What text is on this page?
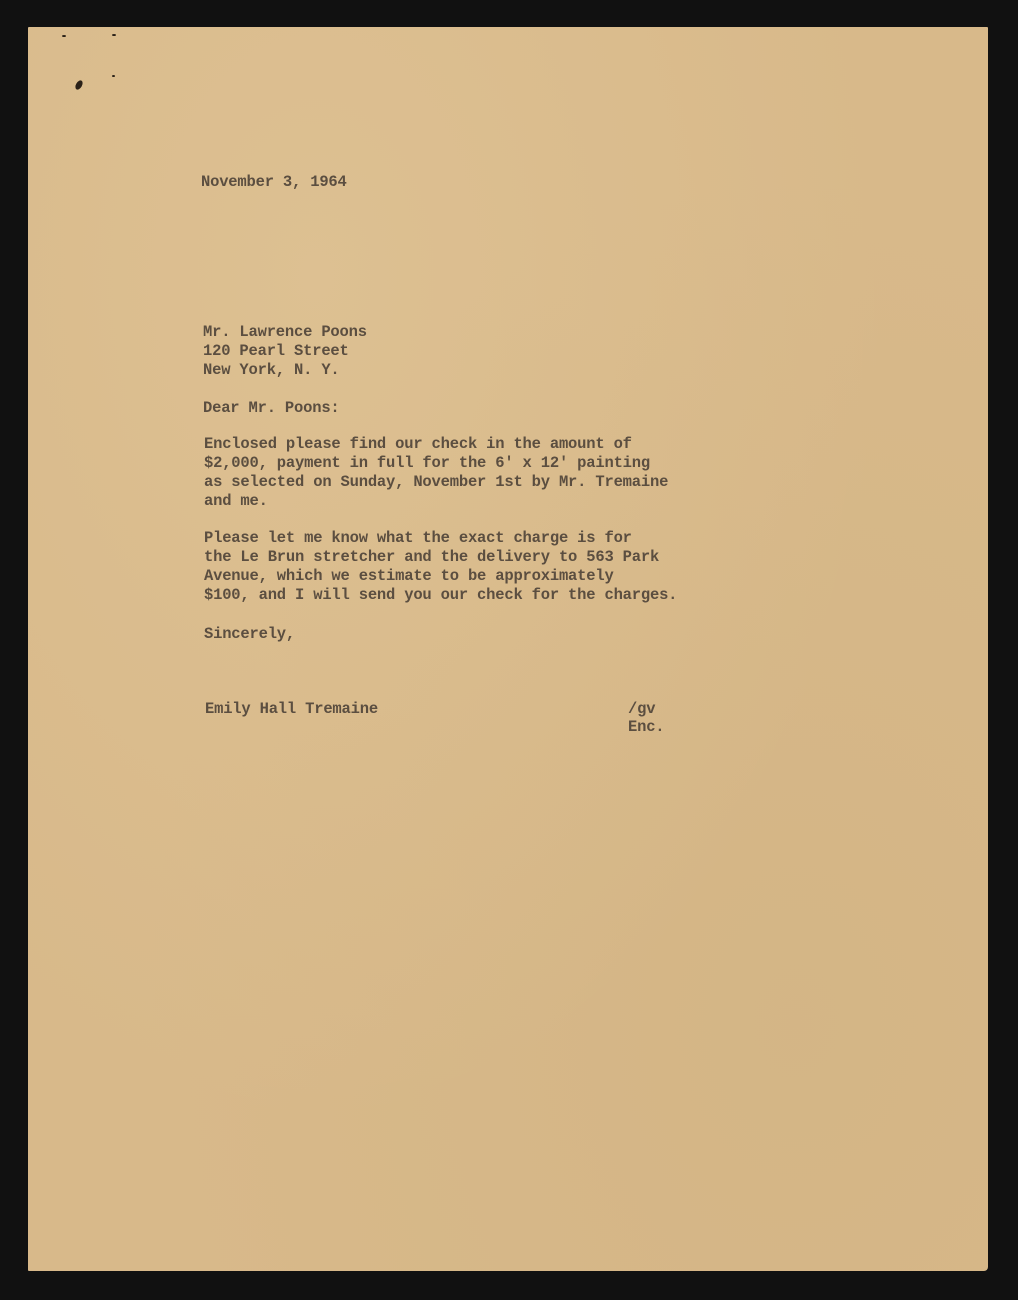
November 3, 1964
Mr. Lawrence Poons
120 Pearl Street
New York, N. Y.
Dear Mr. Poons:
Enclosed please find our check in the amount of
$2,000, payment in full for the 6' x 12' painting
as selected on Sunday, November 1st by Mr. Tremaine
and me.
Please let me know what the exact charge is for
the Le Brun stretcher and the delivery to 563 Park
Avenue, which we estimate to be approximately
$100, and I will send you our check for the charges.
Sincerely,
Emily Hall Tremaine	/gv
Enc.
